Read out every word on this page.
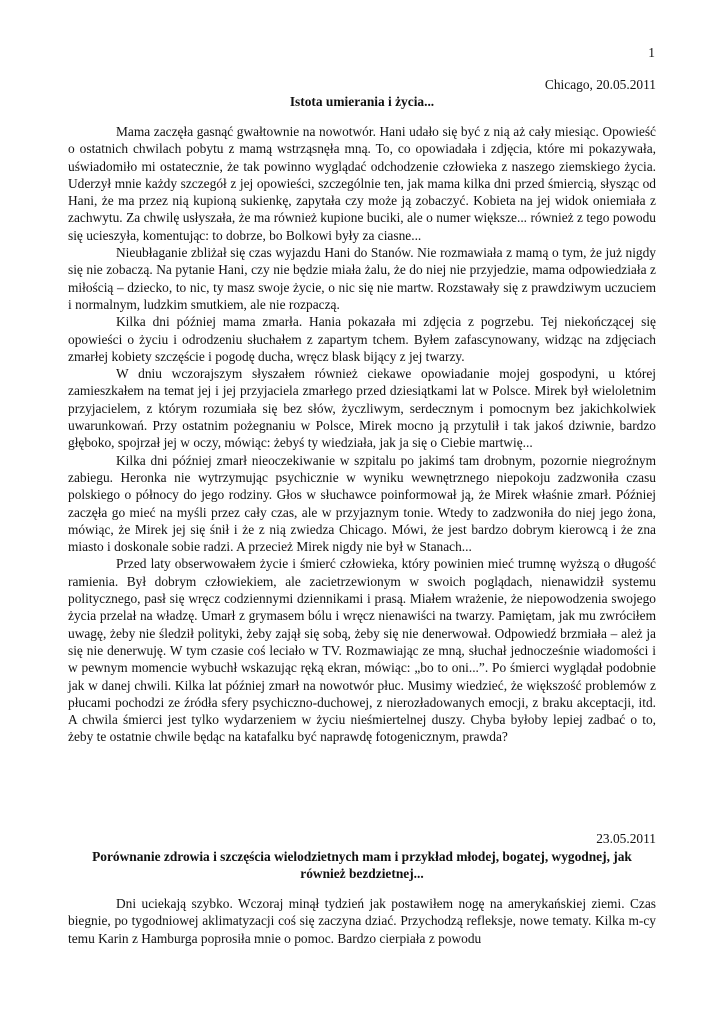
1
Chicago, 20.05.2011
Istota umierania i życia...

Mama zaczęła gasnąć gwałtownie na nowotwór. Hani udało się być z nią aż cały miesiąc. Opowieść o ostatnich chwilach pobytu z mamą wstrząsnęła mną. To, co opowiadała i zdjęcia, które mi pokazywała, uświadomiło mi ostatecznie, że tak powinno wyglądać odchodzenie człowieka z naszego ziemskiego życia. Uderzył mnie każdy szczegół z jej opowieści, szczególnie ten, jak mama kilka dni przed śmiercią, słysząc od Hani, że ma przez nią kupioną sukienkę, zapytała czy może ją zobaczyć. Kobieta na jej widok oniemiała z zachwytu. Za chwilę usłyszała, że ma również kupione buciki, ale o numer większe... również z tego powodu się ucieszyła, komentując: to dobrze, bo Bolkowi były za ciasne...

Nieubłaganie zbliżał się czas wyjazdu Hani do Stanów. Nie rozmawiała z mamą o tym, że już nigdy się nie zobaczą. Na pytanie Hani, czy nie będzie miała żalu, że do niej nie przyjedzie, mama odpowiedziała z miłością – dziecko, to nic, ty masz swoje życie, o nic się nie martw. Rozstawały się z prawdziwym uczuciem i normalnym, ludzkim smutkiem, ale nie rozpaczą.

Kilka dni później mama zmarła. Hania pokazała mi zdjęcia z pogrzebu. Tej niekończącej się opowieści o życiu i odrodzeniu słuchałem z zapartym tchem. Byłem zafascynowany, widząc na zdjęciach zmarłej kobiety szczęście i pogodę ducha, wręcz blask bijący z jej twarzy.

W dniu wczorajszym słyszałem również ciekawe opowiadanie mojej gospodyni, u której zamieszkałem na temat jej i jej przyjaciela zmarłego przed dziesiątkami lat w Polsce. Mirek był wieloletnim przyjacielem, z którym rozumiała się bez słów, życzliwym, serdecznym i pomocnym bez jakichkolwiek uwarunkowań. Przy ostatnim pożegnaniu w Polsce, Mirek mocno ją przytulił i tak jakoś dziwnie, bardzo głęboko, spojrzał jej w oczy, mówiąc: żebyś ty wiedziała, jak ja się o Ciebie martwię...

Kilka dni później zmarł nieoczekiwanie w szpitalu po jakimś tam drobnym, pozornie niegroźnym zabiegu. Heronka nie wytrzymując psychicznie w wyniku wewnętrznego niepokoju zadzwoniła czasu polskiego o północy do jego rodziny. Głos w słuchawce poinformował ją, że Mirek właśnie zmarł. Później zaczęła go mieć na myśli przez cały czas, ale w przyjaznym tonie. Wtedy to zadzwoniła do niej jego żona, mówiąc, że Mirek jej się śnił i że z nią zwiedza Chicago. Mówi, że jest bardzo dobrym kierowcą i że zna miasto i doskonale sobie radzi. A przecież Mirek nigdy nie był w Stanach...

Przed laty obserwowałem życie i śmierć człowieka, który powinien mieć trumnę wyższą o długość ramienia. Był dobrym człowiekiem, ale zacietrzewionym w swoich poglądach, nienawidził systemu politycznego, pasł się wręcz codziennymi dziennikami i prasą. Miałem wrażenie, że niepowodzenia swojego życia przelał na władzę. Umarł z grymasem bólu i wręcz nienawiści na twarzy. Pamiętam, jak mu zwróciłem uwagę, żeby nie śledził polityki, żeby zajął się sobą, żeby się nie denerwował. Odpowiedź brzmiała – ależ ja się nie denerwuję. W tym czasie coś leciało w TV. Rozmawiając ze mną, słuchał jednocześnie wiadomości i w pewnym momencie wybuchł wskazując ręką ekran, mówiąc: „bo to oni...”. Po śmierci wyglądał podobnie jak w danej chwili. Kilka lat później zmarł na nowotwór płuc. Musimy wiedzieć, że większość problemów z płucami pochodzi ze źródła sfery psychiczno-duchowej, z nierozładowanych emocji, z braku akceptacji, itd. A chwila śmierci jest tylko wydarzeniem w życiu nieśmiertelnej duszy. Chyba byłoby lepiej zadbać o to, żeby te ostatnie chwile będąc na katafalku być naprawdę fotogenicznym, prawda?

23.05.2011
Porównanie zdrowia i szczęścia wielodzietnych mam i przykład młodej, bogatej, wygodnej, jak również bezdzietnej...

Dni uciekają szybko. Wczoraj minął tydzień jak postawiłem nogę na amerykańskiej ziemi. Czas biegnie, po tygodniowej aklimatyzacji coś się zaczyna dziać. Przychodzą refleksje, nowe tematy. Kilka m-cy temu Karin z Hamburga poprosiła mnie o pomoc. Bardzo cierpiała z powodu
